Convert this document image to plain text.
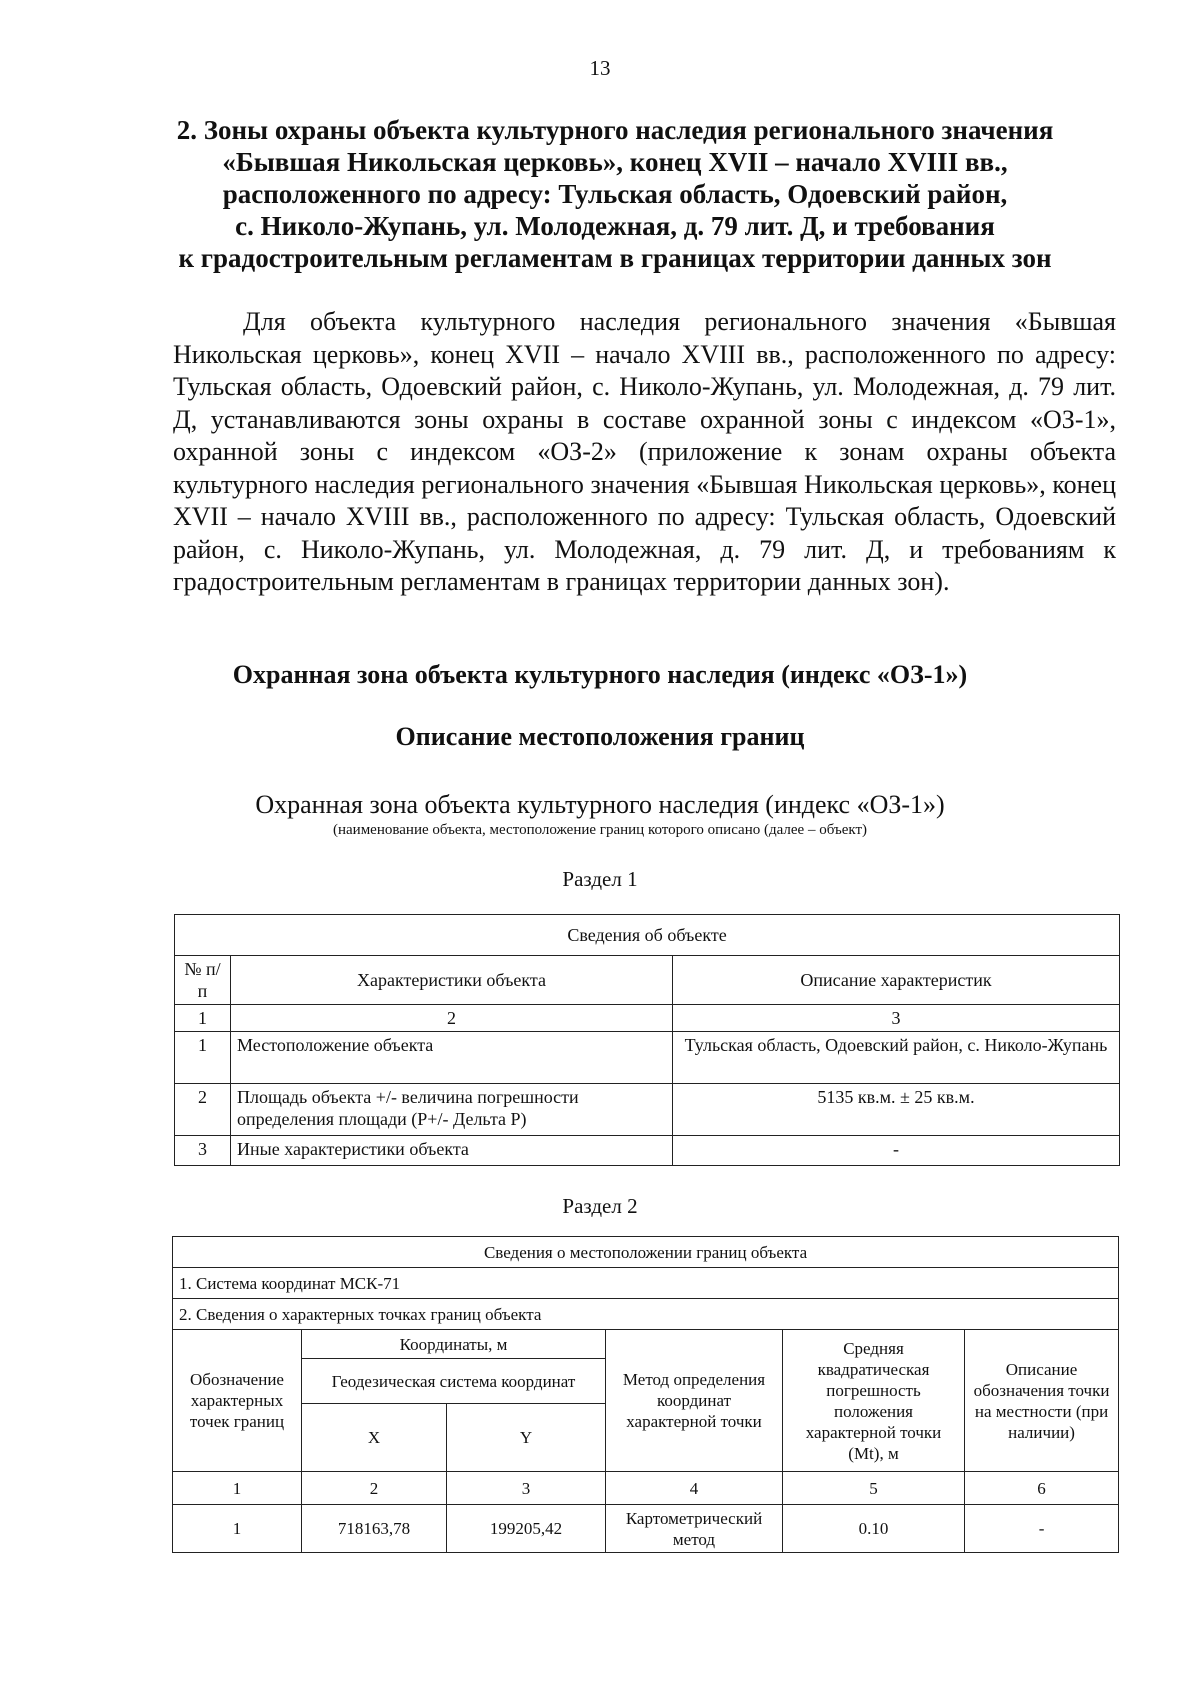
13
2. Зоны охраны объекта культурного наследия регионального значения
«Бывшая Никольская церковь», конец XVII – начало XVIII вв.,
расположенного по адресу: Тульская область, Одоевский район,
с. Николо-Жупань, ул. Молодежная, д. 79 лит. Д, и требования
к градостроительным регламентам в границах территории данных зон

Для объекта культурного наследия регионального значения «Бывшая Никольская церковь», конец XVII – начало XVIII вв., расположенного по адресу: Тульская область, Одоевский район, с. Николо-Жупань, ул. Молодежная, д. 79 лит. Д, устанавливаются зоны охраны в составе охранной зоны с индексом «ОЗ-1», охранной зоны с индексом «ОЗ-2» (приложение к зонам охраны объекта культурного наследия регионального значения «Бывшая Никольская церковь», конец XVII – начало XVIII вв., расположенного по адресу: Тульская область, Одоевский район, с. Николо-Жупань, ул. Молодежная, д. 79 лит. Д, и требованиям к градостроительным регламентам в границах территории данных зон).

Охранная зона объекта культурного наследия (индекс «ОЗ-1»)
Описание местоположения границ
Охранная зона объекта культурного наследия (индекс «ОЗ-1»)
(наименование объекта, местоположение границ которого описано (далее – объект)
Раздел 1
Сведения об объекте		
№ п/п	Характеристики объекта	Описание характеристик
1	2	3
1	Местоположение объекта	Тульская область, Одоевский район, с. Николо-Жупань
2	Площадь объекта +/- величина погрешности определения площади (Р+/- Дельта Р)	5135 кв.м. ± 25 кв.м.
3	Иные характеристики объекта	-
Раздел 2
Сведения о местоположении границ объекта					
1. Система координат МСК-71					
2. Сведения о характерных точках границ объекта					
Обозначение характерных точек границ	Координаты, м		Метод определения координат характерной точки	Средняя квадратическая погрешность положения характерной точки (Mt), м	Описание обозначения точки на местности (при наличии)
	Геодезическая система координат				
	X	Y			
1	2	3	4	5	6
1	718163,78	199205,42	Картометрический метод	0.10	-
